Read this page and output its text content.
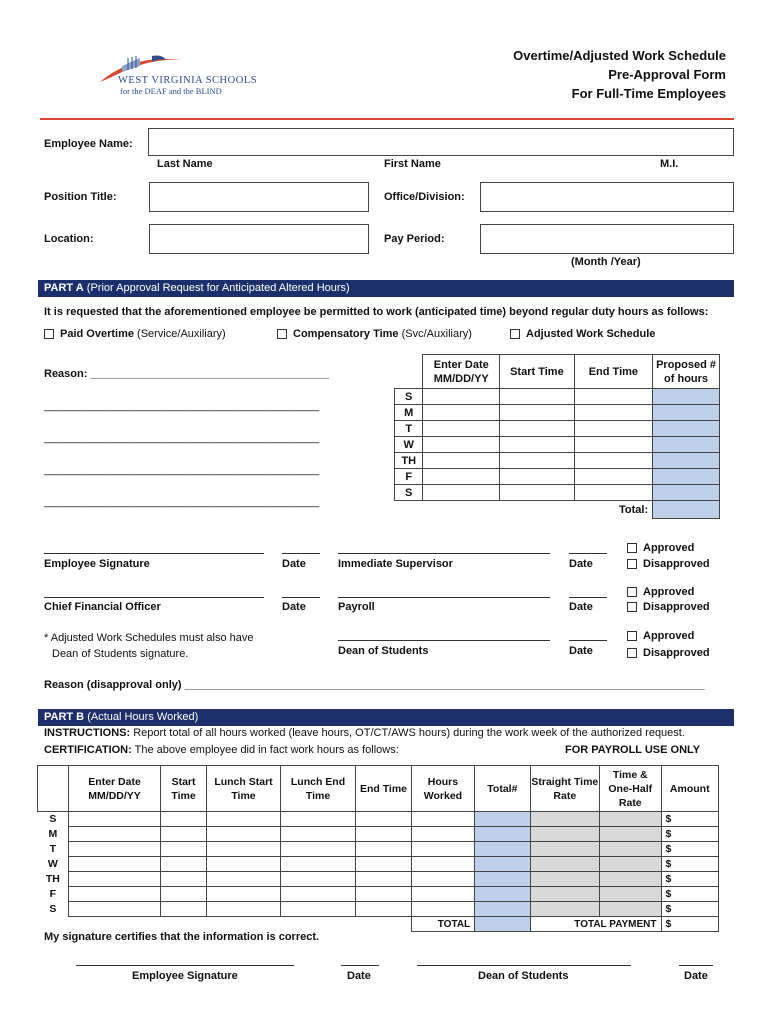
WEST VIRGINIA SCHOOLS
for the DEAF and the BLIND
Overtime/Adjusted Work Schedule
Pre-Approval Form
For Full-Time Employees
Employee Name:
Last Name	First Name	M.I.
Position Title:	Office/Division:
Location:	Pay Period:
(Month /Year)
PART A (Prior Approval Request for Anticipated Altered Hours)
It is requested that the aforementioned employee be permitted to work (anticipated time) beyond regular duty hours as follows:
Paid Overtime (Service/Auxiliary)	Compensatory Time (Svc/Auxiliary)	Adjusted Work Schedule
Reason: _______________________________________
_____________________________________________
_____________________________________________
_____________________________________________
_____________________________________________
	Enter Date MM/DD/YY	Start Time	End Time	Proposed # of hours
S				
M				
T				
W				
TH				
F				
S				
		Total:		
Employee Signature	Date	Immediate Supervisor	Date
Approved
Disapproved
Chief Financial Officer	Date	Payroll	Date
Approved
Disapproved
* Adjusted Work Schedules must also have
Dean of Students signature.	Dean of Students	Date
Approved
Disapproved
Reason (disapproval only) _____________________________________________________________________________________
PART B (Actual Hours Worked)
INSTRUCTIONS: Report total of all hours worked (leave hours, OT/CT/AWS hours) during the work week of the authorized request.
CERTIFICATION: The above employee did in fact work hours as follows:	FOR PAYROLL USE ONLY
	Enter Date MM/DD/YY	Start Time	Lunch Start Time	Lunch End Time	End Time	Hours Worked	Total#	Straight Time Rate	Time & One-Half Rate	Amount
S										$
M										$
T										$
W										$
TH										$
F										$
S										$
						TOTAL		TOTAL PAYMENT		$
My signature certifies that the information is correct.
Employee Signature	Date	Dean of Students	Date
